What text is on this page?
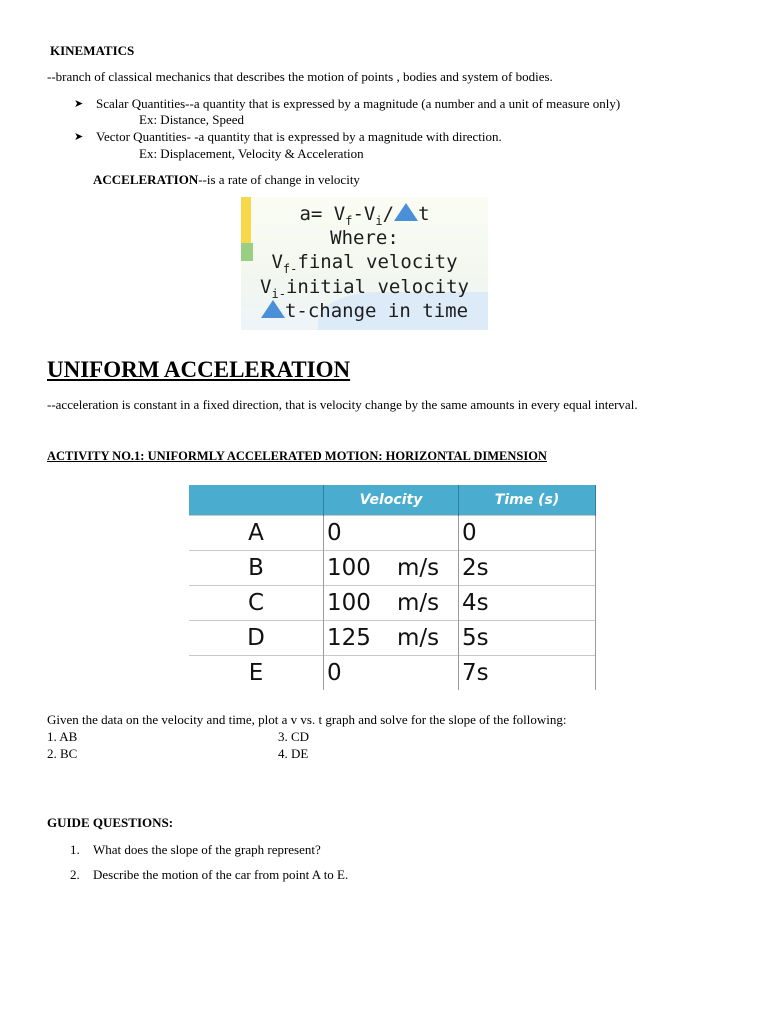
KINEMATICS
--branch of classical mechanics that describes the motion of points , bodies and system of bodies.
➤ Scalar Quantities--a quantity that is expressed by a magnitude (a number and a unit of measure only)
Ex: Distance, Speed
➤ Vector Quantities- -a quantity that is expressed by a magnitude with direction.
Ex: Displacement, Velocity & Acceleration
ACCELERATION--is a rate of change in velocity
$a= V_f-V_i/$ t
Where:
$V_{f-}final$ velocity
$V_{i-}initial$ velocity
t-change in time
UNIFORM ACCELERATION
--acceleration is constant in a fixed direction, that is velocity change by the same amounts in every equal interval.
ACTIVITY NO.1: UNIFORMLY ACCELERATED MOTION: HORIZONTAL DIMENSION
	Velocity	Time (s)
A	0	0
B	100 m/s	2s
C	100 m/s	4s
D	125 m/s	5s
E	0	7s
Given the data on the velocity and time, plot a v vs. t graph and solve for the slope of the following:
1. AB
2. BC
3. CD
4. DE
GUIDE QUESTIONS:
1. What does the slope of the graph represent?
2. Describe the motion of the car from point A to E.
